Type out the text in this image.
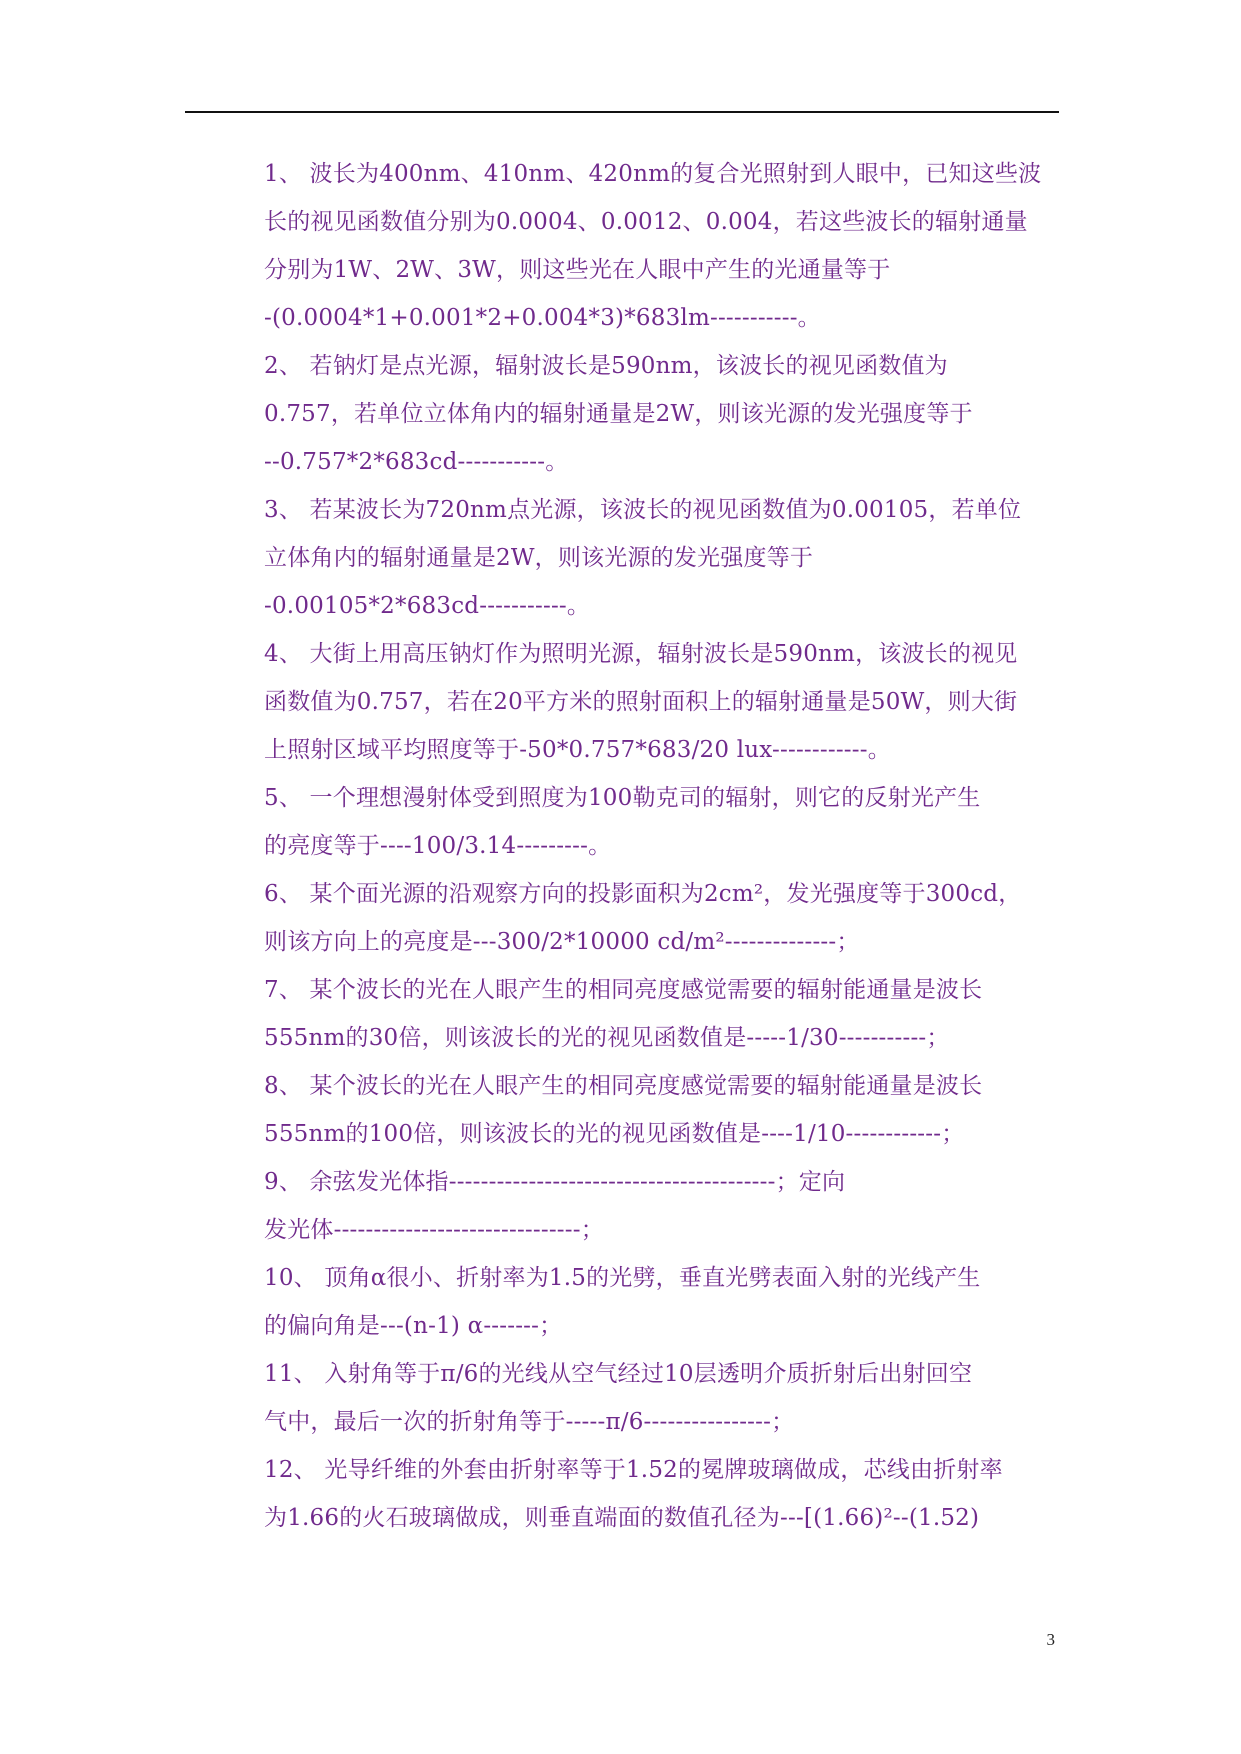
1、 波长为400nm、410nm、420nm的复合光照射到人眼中，已知这些波
长的视见函数值分别为0.0004、0.0012、0.004，若这些波长的辐射通量
分别为1W、2W、3W，则这些光在人眼中产生的光通量等于
-(0.0004*1+0.001*2+0.004*3)*683lm-----------。
2、 若钠灯是点光源，辐射波长是590nm，该波长的视见函数值为
0.757，若单位立体角内的辐射通量是2W，则该光源的发光强度等于
--0.757*2*683cd-----------。
3、 若某波长为720nm点光源，该波长的视见函数值为0.00105，若单位
立体角内的辐射通量是2W，则该光源的发光强度等于
-0.00105*2*683cd-----------。
4、 大街上用高压钠灯作为照明光源，辐射波长是590nm，该波长的视见
函数值为0.757，若在20平方米的照射面积上的辐射通量是50W，则大街
上照射区域平均照度等于-50*0.757*683/20 lux------------。
5、 一个理想漫射体受到照度为100勒克司的辐射，则它的反射光产生
的亮度等于----100/3.14---------。
6、 某个面光源的沿观察方向的投影面积为2cm²，发光强度等于300cd，
则该方向上的亮度是---300/2*10000 cd/m²--------------；
7、 某个波长的光在人眼产生的相同亮度感觉需要的辐射能通量是波长
555nm的30倍，则该波长的光的视见函数值是-----1/30-----------；
8、 某个波长的光在人眼产生的相同亮度感觉需要的辐射能通量是波长
555nm的100倍，则该波长的光的视见函数值是----1/10------------；
9、 余弦发光体指-----------------------------------------；定向
发光体-------------------------------；
10、 顶角α很小、折射率为1.5的光劈，垂直光劈表面入射的光线产生
的偏向角是---(n-1) α-------；
11、 入射角等于π/6的光线从空气经过10层透明介质折射后出射回空
气中，最后一次的折射角等于-----π/6----------------；
12、 光导纤维的外套由折射率等于1.52的冕牌玻璃做成，芯线由折射率
为1.66的火石玻璃做成，则垂直端面的数值孔径为---[(1.66)²--(1.52)
3
